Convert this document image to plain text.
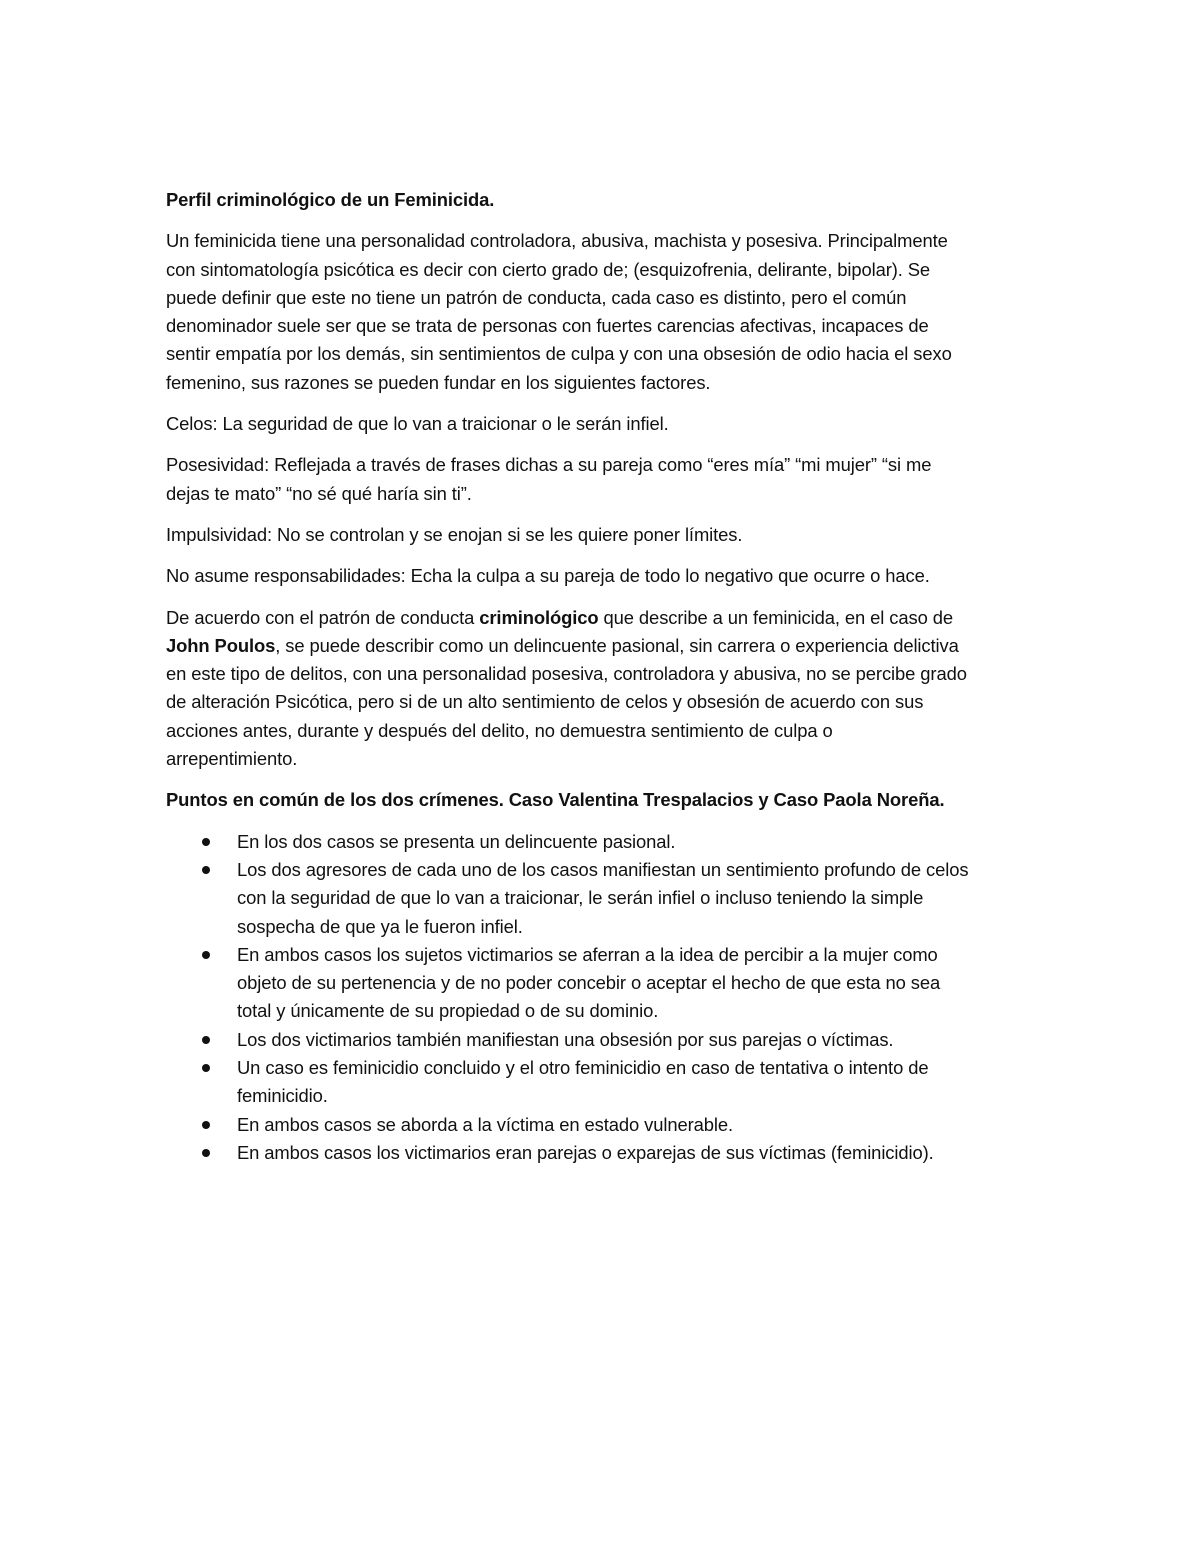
Perfil criminológico de un Feminicida.

Un feminicida tiene una personalidad controladora, abusiva, machista y posesiva. Principalmente
con sintomatología psicótica es decir con cierto grado de; (esquizofrenia, delirante, bipolar). Se
puede definir que este no tiene un patrón de conducta, cada caso es distinto, pero el común
denominador suele ser que se trata de personas con fuertes carencias afectivas, incapaces de
sentir empatía por los demás, sin sentimientos de culpa y con una obsesión de odio hacia el sexo
femenino, sus razones se pueden fundar en los siguientes factores.

Celos: La seguridad de que lo van a traicionar o le serán infiel.

Posesividad: Reflejada a través de frases dichas a su pareja como “eres mía” “mi mujer” “si me
dejas te mato” “no sé qué haría sin ti”.

Impulsividad: No se controlan y se enojan si se les quiere poner límites.

No asume responsabilidades: Echa la culpa a su pareja de todo lo negativo que ocurre o hace.

De acuerdo con el patrón de conducta criminológico que describe a un feminicida, en el caso de
John Poulos, se puede describir como un delincuente pasional, sin carrera o experiencia delictiva
en este tipo de delitos, con una personalidad posesiva, controladora y abusiva, no se percibe grado
de alteración Psicótica, pero si de un alto sentimiento de celos y obsesión de acuerdo con sus
acciones antes, durante y después del delito, no demuestra sentimiento de culpa o
arrepentimiento.

Puntos en común de los dos crímenes. Caso Valentina Trespalacios y Caso Paola Noreña.

En los dos casos se presenta un delincuente pasional.
Los dos agresores de cada uno de los casos manifiestan un sentimiento profundo de celos
con la seguridad de que lo van a traicionar, le serán infiel o incluso teniendo la simple
sospecha de que ya le fueron infiel.
En ambos casos los sujetos victimarios se aferran a la idea de percibir a la mujer como
objeto de su pertenencia y de no poder concebir o aceptar el hecho de que esta no sea
total y únicamente de su propiedad o de su dominio.
Los dos victimarios también manifiestan una obsesión por sus parejas o víctimas.
Un caso es feminicidio concluido y el otro feminicidio en caso de tentativa o intento de
feminicidio.
En ambos casos se aborda a la víctima en estado vulnerable.
En ambos casos los victimarios eran parejas o exparejas de sus víctimas (feminicidio).
